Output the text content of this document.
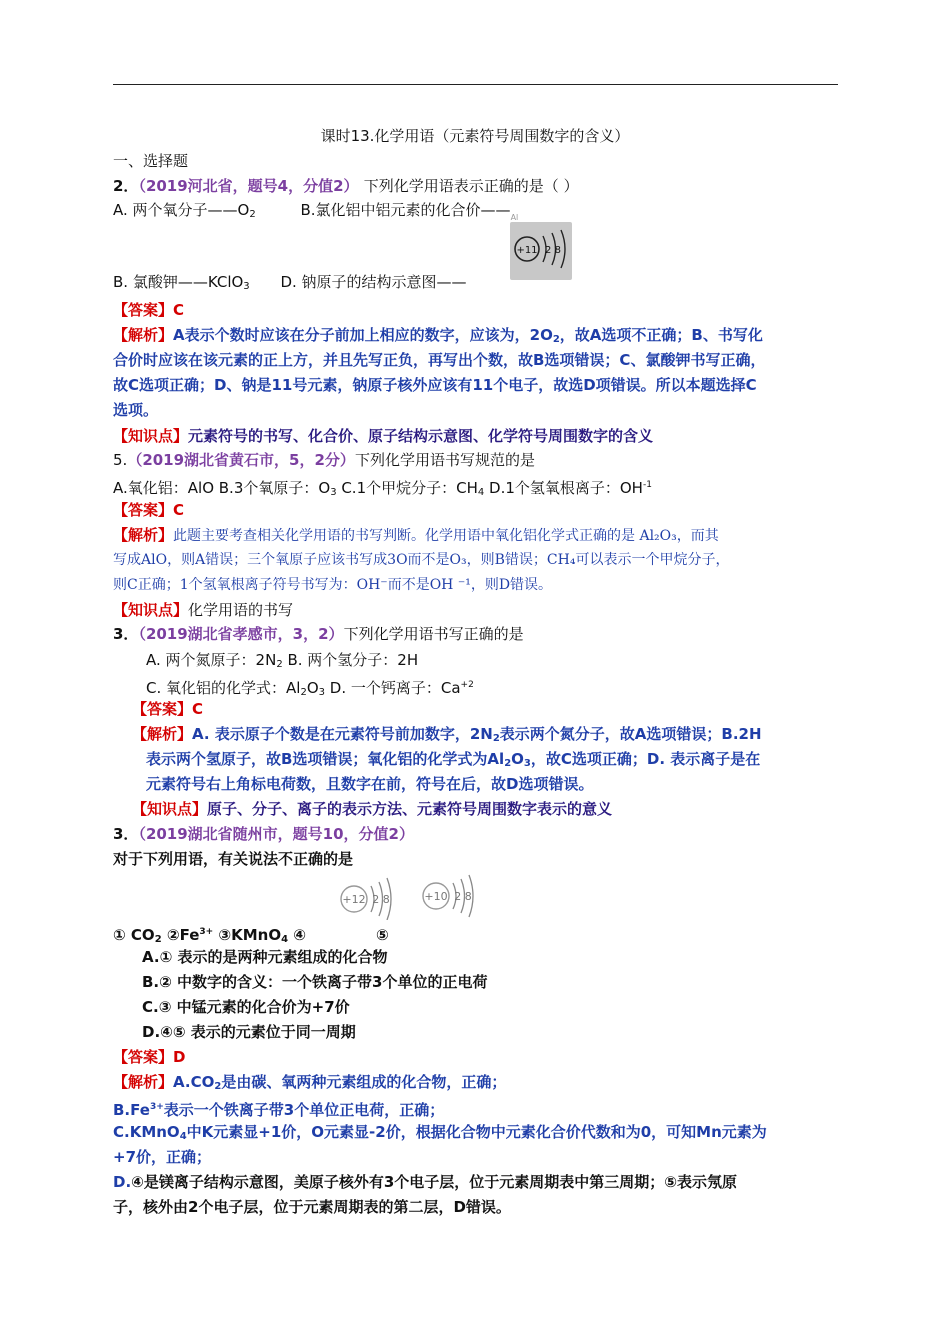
课时13.化学用语（元素符号周围数字的含义）
一、选择题
2．（2019河北省，题号4，分值2） 下列化学用语表示正确的是（ ）
A. 两个氧分子$——O_2$	B.氯化铝中铝元素的化合价$——_{Al}$
+11 2 8
B. 氯酸钾——KClO$_3$ D. 钠原子的结构示意图——
【答案】C
【解析】A表示个数时应该在分子前加上相应的数字，应该为，$2O_2$，故A选项不正确；B、书写化
合价时应该在该元素的正上方，并且先写正负，再写出个数，故B选项错误；C、氯酸钾书写正确，
故C选项正确；D、钠是11号元素，钠原子核外应该有11个电子，故选D项错误。所以本题选择C
选项。
【知识点】元素符号的书写、化合价、原子结构示意图、化学符号周围数字的含义
5.（2019湖北省黄石市，5，2分）下列化学用语书写规范的是
A.氧化铝：AlO B.3个氧原子：$O_3$ C.1个甲烷分子：$CH_4$ D.1个氢氧根离子：$OH^{-1}$
【答案】C
【解析】此题主要考查相关化学用语的书写判断。化学用语中氧化铝化学式正确的是 Al₂O₃，而其
写成AlO，则A错误；三个氧原子应该书写成3O而不是O₃，则B错误；CH₄可以表示一个甲烷分子，
则C正确；1个氢氧根离子符号书写为：OH⁻而不是OH ⁻¹，则D错误。
【知识点】化学用语的书写
3．（2019湖北省孝感市，3，2）下列化学用语书写正确的是
A. 两个氮原子：$2N_2$ B. 两个氢分子：2H
C. 氧化铝的化学式：$Al_2O_3$ D. 一个钙离子：$Ca^{+2}$
【答案】C
【解析】A. 表示原子个数是在元素符号前加数字，$2N_2$表示两个氮分子，故A选项错误；B.2H
表示两个氢原子，故B选项错误；氧化铝的化学式为$Al_2O_3$，故C选项正确；D. 表示离子是在
元素符号右上角标电荷数，且数字在前，符号在后，故D选项错误。
【知识点】原子、分子、离子的表示方法、元素符号周围数字表示的意义
3．（2019湖北省随州市，题号10，分值2）
对于下列用语，有关说法不正确的是
+12 2 8	+10 2 8
① $CO_2$ $②Fe^{3+}$ ③KMnO$_4$ ④	⑤
A.① 表示的是两种元素组成的化合物
B.② 中数字的含义：一个铁离子带3个单位的正电荷
C.③ 中锰元素的化合价为+7价
D.④⑤ 表示的元素位于同一周期
【答案】D
【解析】$A.CO_2$是由碳、氧两种元素组成的化合物，正确；
$B.Fe^{3+}$表示一个铁离子带3个单位正电荷，正确；
C.KMnO$_4$中K元素显+1价，O元素显-2价，根据化合物中元素化合价代数和为0，可知Mn元素为
+7价，正确；
D.④是镁离子结构示意图，美原子核外有3个电子层，位于元素周期表中第三周期；⑤表示氖原
子，核外由2个电子层，位于元素周期表的第二层，D错误。
